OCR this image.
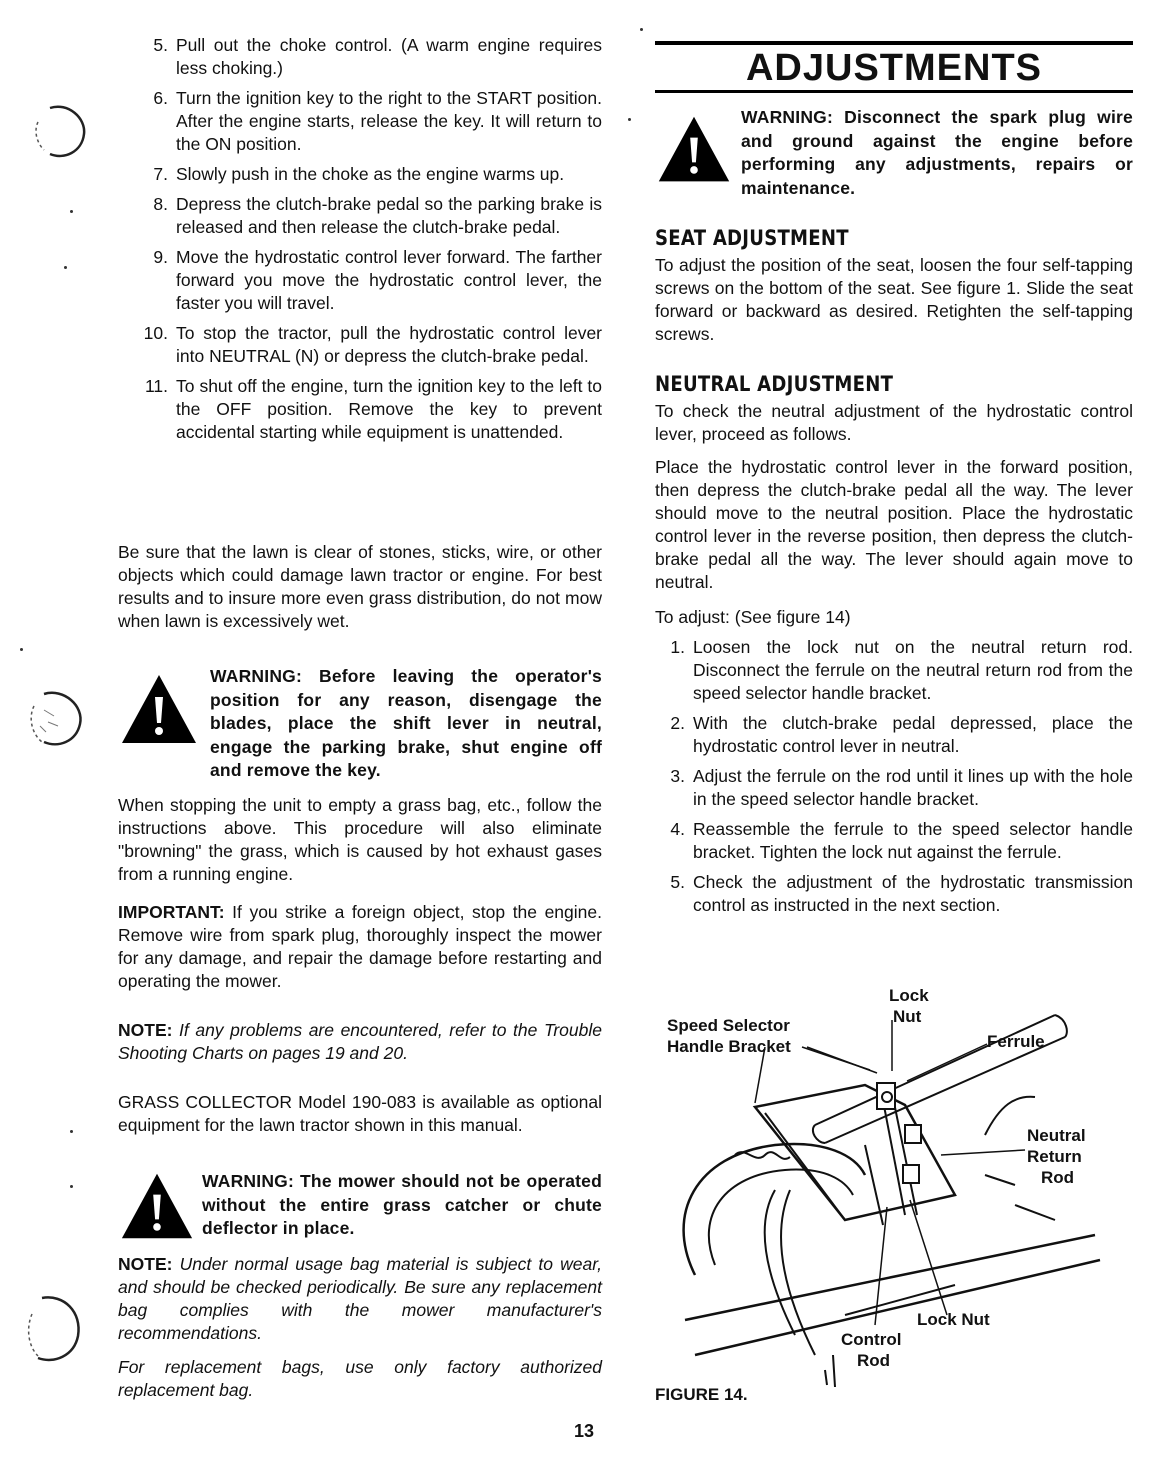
5. Pull out the choke control. (A warm engine requires less choking.)
6. Turn the ignition key to the right to the START position. After the engine starts, release the key. It will return to the ON position.
7. Slowly push in the choke as the engine warms up.
8. Depress the clutch-brake pedal so the parking brake is released and then release the clutch-brake pedal.
9. Move the hydrostatic control lever forward. The farther forward you move the hydrostatic control lever, the faster you will travel.
10. To stop the tractor, pull the hydrostatic control lever into NEUTRAL (N) or depress the clutch-brake pedal.
11. To shut off the engine, turn the ignition key to the left to the OFF position. Remove the key to prevent accidental starting while equipment is unattended.

Be sure that the lawn is clear of stones, sticks, wire, or other objects which could damage lawn tractor or engine. For best results and to insure more even grass distribution, do not mow when lawn is excessively wet.

WARNING: Before leaving the operator's position for any reason, disengage the blades, place the shift lever in neutral, engage the parking brake, shut engine off and remove the key.

When stopping the unit to empty a grass bag, etc., follow the instructions above. This procedure will also eliminate "browning" the grass, which is caused by hot exhaust gases from a running engine.

IMPORTANT: If you strike a foreign object, stop the engine. Remove wire from spark plug, thoroughly inspect the mower for any damage, and repair the damage before restarting and operating the mower.

NOTE: If any problems are encountered, refer to the Trouble Shooting Charts on pages 19 and 20.

GRASS COLLECTOR Model 190-083 is available as optional equipment for the lawn tractor shown in this manual.

WARNING: The mower should not be operated without the entire grass catcher or chute deflector in place.

NOTE: Under normal usage bag material is subject to wear, and should be checked periodically. Be sure any replacement bag complies with the mower manufacturer's recommendations.

For replacement bags, use only factory authorized replacement bag.

ADJUSTMENTS
WARNING: Disconnect the spark plug wire and ground against the engine before performing any adjustments, repairs or maintenance.
SEAT ADJUSTMENT

To adjust the position of the seat, loosen the four self-tapping screws on the bottom of the seat. See figure 1. Slide the seat forward or backward as desired. Retighten the self-tapping screws.

NEUTRAL ADJUSTMENT

To check the neutral adjustment of the hydrostatic control lever, proceed as follows.

Place the hydrostatic control lever in the forward position, then depress the clutch-brake pedal all the way. The lever should move to the neutral position. Place the hydrostatic control lever in the reverse position, then depress the clutch-brake pedal all the way. The lever should again move to neutral.

To adjust: (See figure 14)

1. Loosen the lock nut on the neutral return rod. Disconnect the ferrule on the neutral return rod from the speed selector handle bracket.
2. With the clutch-brake pedal depressed, place the hydrostatic control lever in neutral.
3. Adjust the ferrule on the rod until it lines up with the hole in the speed selector handle bracket.
4. Reassemble the ferrule to the speed selector handle bracket. Tighten the lock nut against the ferrule.
5. Check the adjustment of the hydrostatic transmission control as instructed in the next section.
Lock
Nut
Speed Selector
Handle Bracket	Ferrule
Neutral
Return
Rod
Lock Nut
Control
Rod
FIGURE 14.
13
